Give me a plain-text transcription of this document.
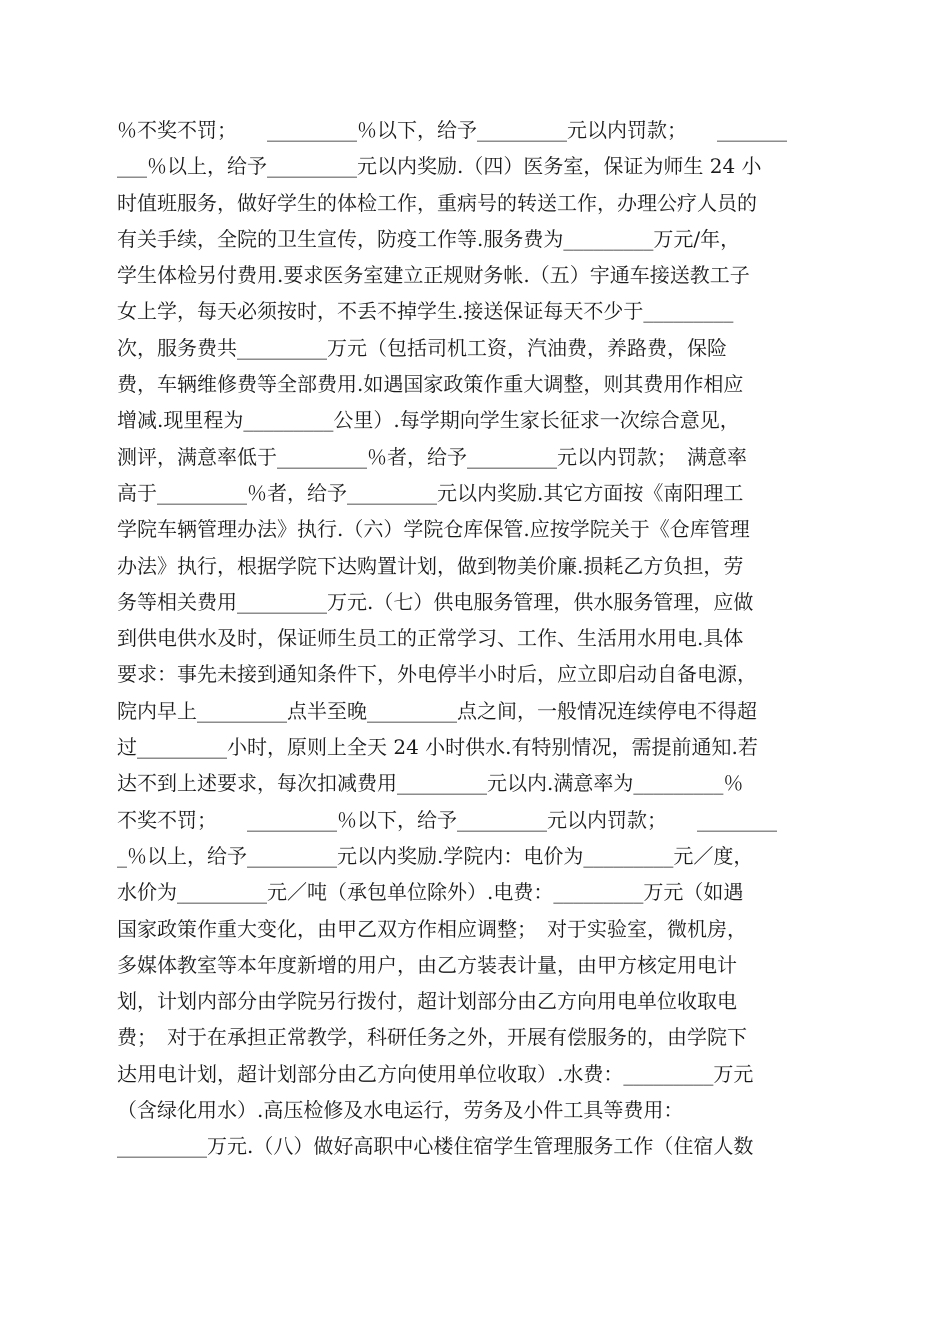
％不奖不罚；　　_________％以下，给予_________元以内罚款；　　_______
___％以上，给予_________元以内奖励.（四）医务室，保证为师生 24 小
时值班服务，做好学生的体检工作，重病号的转送工作，办理公疗人员的
有关手续，全院的卫生宣传，防疫工作等.服务费为_________万元/年，
学生体检另付费用.要求医务室建立正规财务帐.（五）宇通车接送教工子
女上学，每天必须按时，不丢不掉学生.接送保证每天不少于_________
次，服务费共_________万元（包括司机工资，汽油费，养路费，保险
费，车辆维修费等全部费用.如遇国家政策作重大调整，则其费用作相应
增减.现里程为_________公里）.每学期向学生家长征求一次综合意见，
测评，满意率低于_________％者，给予_________元以内罚款；　满意率
高于_________％者，给予_________元以内奖励.其它方面按《南阳理工
学院车辆管理办法》执行.（六）学院仓库保管.应按学院关于《仓库管理
办法》执行，根据学院下达购置计划，做到物美价廉.损耗乙方负担，劳
务等相关费用_________万元.（七）供电服务管理，供水服务管理，应做
到供电供水及时，保证师生员工的正常学习、工作、生活用水用电.具体
要求：事先未接到通知条件下，外电停半小时后，应立即启动自备电源，
院内早上_________点半至晚_________点之间，一般情况连续停电不得超
过_________小时，原则上全天 24 小时供水.有特别情况，需提前通知.若
达不到上述要求，每次扣减费用_________元以内.满意率为_________％
不奖不罚；　　_________％以下，给予_________元以内罚款；　　________
_％以上，给予_________元以内奖励.学院内：电价为_________元／度，
水价为_________元／吨（承包单位除外）.电费：_________万元（如遇
国家政策作重大变化，由甲乙双方作相应调整；　对于实验室，微机房，
多媒体教室等本年度新增的用户，由乙方装表计量，由甲方核定用电计
划，计划内部分由学院另行拨付，超计划部分由乙方向用电单位收取电
费；　对于在承担正常教学，科研任务之外，开展有偿服务的，由学院下
达用电计划，超计划部分由乙方向使用单位收取）.水费：_________万元
（含绿化用水）.高压检修及水电运行，劳务及小件工具等费用：
_________万元.（八）做好高职中心楼住宿学生管理服务工作（住宿人数
